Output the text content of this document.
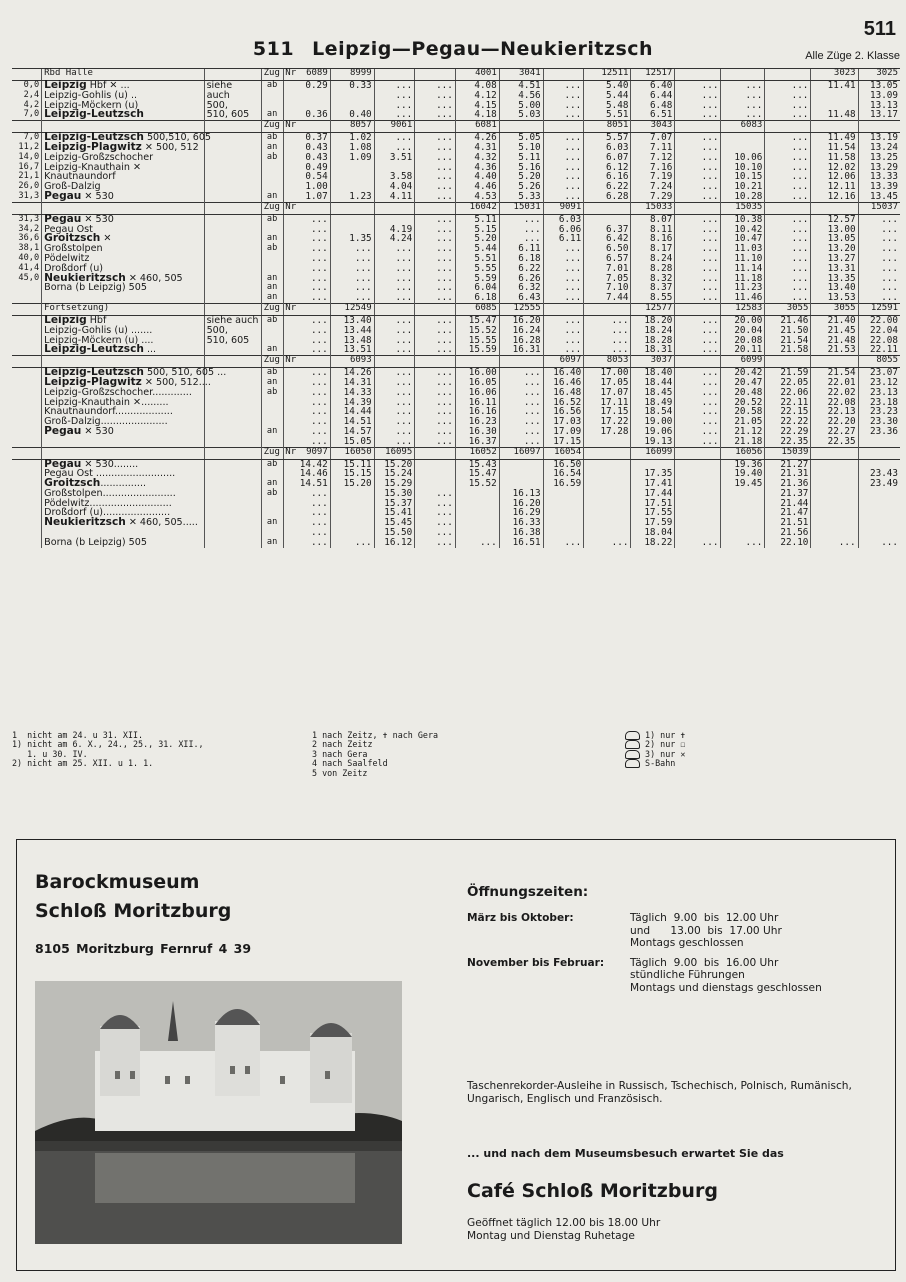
511
511 Leipzig—Pegau—Neukieritzsch	Alle Züge 2. Klasse
	Rbd Halle		Zug Nr	6089	8999			4001	3041		12511	12517				3023	3025
0,0	Leipzig Hbf ✕ ...	siehe	ab	0.29	0.33	...	...	4.08	4.51	...	5.40	6.40	...	...	...	11.41	13.05
2,4	Leipzig-Gohlis (u) ..	auch				...	...	4.12	4.56	...	5.44	6.44	...	...	...		13.09
4,2	Leipzig-Möckern (u)	500,				...	...	4.15	5.00	...	5.48	6.48	...	...	...		13.13
7,0	Leipzig-Leutzsch	510, 605	an	0.36	0.40	...	...	4.18	5.03	...	5.51	6.51	...	...	...	11.48	13.17
			Zug Nr		8057	9061		6081			8051	3043		6083			
7,0	Leipzig-Leutzsch 500,510, 605		ab	0.37	1.02	...	...	4.26	5.05	...	5.57	7.07	...		...	11.49	13.19
11,2	Leipzig-Plagwitz ✕ 500, 512		an	0.43	1.08	...	...	4.31	5.10	...	6.03	7.11	...		...	11.54	13.24
14,0	Leipzig-Großzschocher		ab	0.43	1.09	3.51	...	4.32	5.11	...	6.07	7.12	...	10.06	...	11.58	13.25
16,7	Leipzig-Knauthain ✕			0.49			...	4.36	5.16	...	6.12	7.16	...	10.10	...	12.02	13.29
21,1	Knautnaundorf			0.54		3.58	...	4.40	5.20	...	6.16	7.19	...	10.15	...	12.06	13.33
26,0	Groß-Dalzig			1.00		4.04	...	4.46	5.26	...	6.22	7.24	...	10.21	...	12.11	13.39
31,3	Pegau ✕ 530		an	1.07	1.23	4.11	...	4.53	5.33	...	6.28	7.29	...	10.28	...	12.16	13.45
			Zug Nr					16042	15031	9091		15033		15035			15037
31,3	Pegau ✕ 530		ab	...			...	5.11	...	6.03		8.07	...	10.38	...	12.57	...
34,2	Pegau Ost			...		4.19	...	5.15	...	6.06	6.37	8.11	...	10.42	...	13.00	...
36,6	Groitzsch ✕		an	...	1.35	4.24	...	5.20	...	6.11	6.42	8.16	...	10.47	...	13.05	...
38,1	Großstolpen		ab	...	...	...	...	5.44	6.11	...	6.50	8.17	...	11.03	...	13.20	...
40,0	Pödelwitz			...	...	...	...	5.51	6.18	...	6.57	8.24	...	11.10	...	13.27	...
41,4	Droßdorf (u)			...	...	...	...	5.55	6.22	...	7.01	8.28	...	11.14	...	13.31	...
45,0	Neukieritzsch ✕ 460, 505		an	...	...	...	...	5.59	6.26	...	7.05	8.32	...	11.18	...	13.35	...
	Borna (b Leipzig) 505		an	...	...	...	...	6.04	6.32	...	7.10	8.37	...	11.23	...	13.40	...
			an	...	...	...	...	6.18	6.43	...	7.44	8.55	...	11.46	...	13.53	...
	Fortsetzung)		Zug Nr		12549			6085	12555			12577		12583	3055	3055	12591
	Leipzig Hbf	siehe auch	ab	...	13.40	...	...	15.47	16.20	...	...	18.20	...	20.00	21.46	21.40	22.00
	Leipzig-Gohlis (u) .......	500,		...	13.44	...	...	15.52	16.24	...	...	18.24	...	20.04	21.50	21.45	22.04
	Leipzig-Möckern (u) ....	510, 605		...	13.48	...	...	15.55	16.28	...	...	18.28	...	20.08	21.54	21.48	22.08
	Leipzig-Leutzsch ...		an	...	13.51	...	...	15.59	16.31	...	...	18.31	...	20.11	21.58	21.53	22.11
			Zug Nr		6093					6097	8053	3037		6099			8055
	Leipzig-Leutzsch 500, 510, 605 ...		ab	...	14.26	...	...	16.00	...	16.40	17.00	18.40	...	20.42	21.59	21.54	23.07
	Leipzig-Plagwitz ✕ 500, 512....		an	...	14.31	...	...	16.05	...	16.46	17.05	18.44	...	20.47	22.05	22.01	23.12
	Leipzig-Großzschocher.............		ab	...	14.33	...	...	16.06	...	16.48	17.07	18.45	...	20.48	22.06	22.02	23.13
	Leipzig-Knauthain ✕.........			...	14.39	...	...	16.11	...	16.52	17.11	18.49	...	20.52	22.11	22.08	23.18
	Knautnaundorf...................			...	14.44	...	...	16.16	...	16.56	17.15	18.54	...	20.58	22.15	22.13	23.23
	Groß-Dalzig......................			...	14.51	...	...	16.23	...	17.03	17.22	19.00	...	21.05	22.22	22.20	23.30
	Pegau ✕ 530		an	...	14.57	...	...	16.30	...	17.09	17.28	19.06	...	21.12	22.29	22.27	23.36
				...	15.05	...	...	16.37	...	17.15		19.13	...	21.18	22.35	22.35	
			Zug Nr	9097	16050	16095		16052	16097	16054		16099		16056	15039		
	Pegau ✕ 530........		ab	14.42	15.11	15.20		15.43		16.50				19.36	21.27		
	Pegau Ost ..........................			14.46	15.15	15.24		15.47		16.54		17.35		19.40	21.31		23.43
	Groitzsch...............		an	14.51	15.20	15.29		15.52		16.59		17.41		19.45	21.36		23.49
	Großstolpen........................		ab	...		15.30	...		16.13			17.44			21.37		
	Pödelwitz...........................			...		15.37	...		16.20			17.51			21.44		
	Droßdorf (u)......................			...		15.41	...		16.29			17.55			21.47		
	Neukieritzsch ✕ 460, 505.....		an	...		15.45	...		16.33			17.59			21.51		
				...		15.50	...		16.38			18.04			21.56		
	Borna (b Leipzig) 505		an	...	...	16.12	...	...	16.51	...	...	18.22	...	...	22.10	...	...
1  nicht am 24. u 31. XII.
1) nicht am 6. X., 24., 25., 31. XII.,
1. u 30. IV.
2) nicht am 25. XII. u 1. 1.
1 nach Zeitz, ✝ nach Gera
2 nach Zeitz
3 nach Gera
4 nach Saalfeld
5 von Zeitz
1) nur ✝
2) nur ☐
3) nur ✕
S-Bahn
Barockmuseum
Schloß Moritzburg
8105 Moritzburg Fernruf 4 39
Öffnungszeiten:
März bis Oktober:	Täglich  9.00  bis  12.00 Uhr
und      13.00  bis  17.00 Uhr
Montags geschlossen
November bis Februar:	Täglich  9.00  bis  16.00 Uhr
stündliche Führungen
Montags und dienstags geschlossen
Taschenrekorder-Ausleihe in Russisch, Tschechisch, Polnisch, Rumänisch, Ungarisch, Englisch und Französisch.
... und nach dem Museumsbesuch erwartet Sie das
Café Schloß Moritzburg
Geöffnet täglich 12.00 bis 18.00 Uhr
Montag und Dienstag Ruhetage
